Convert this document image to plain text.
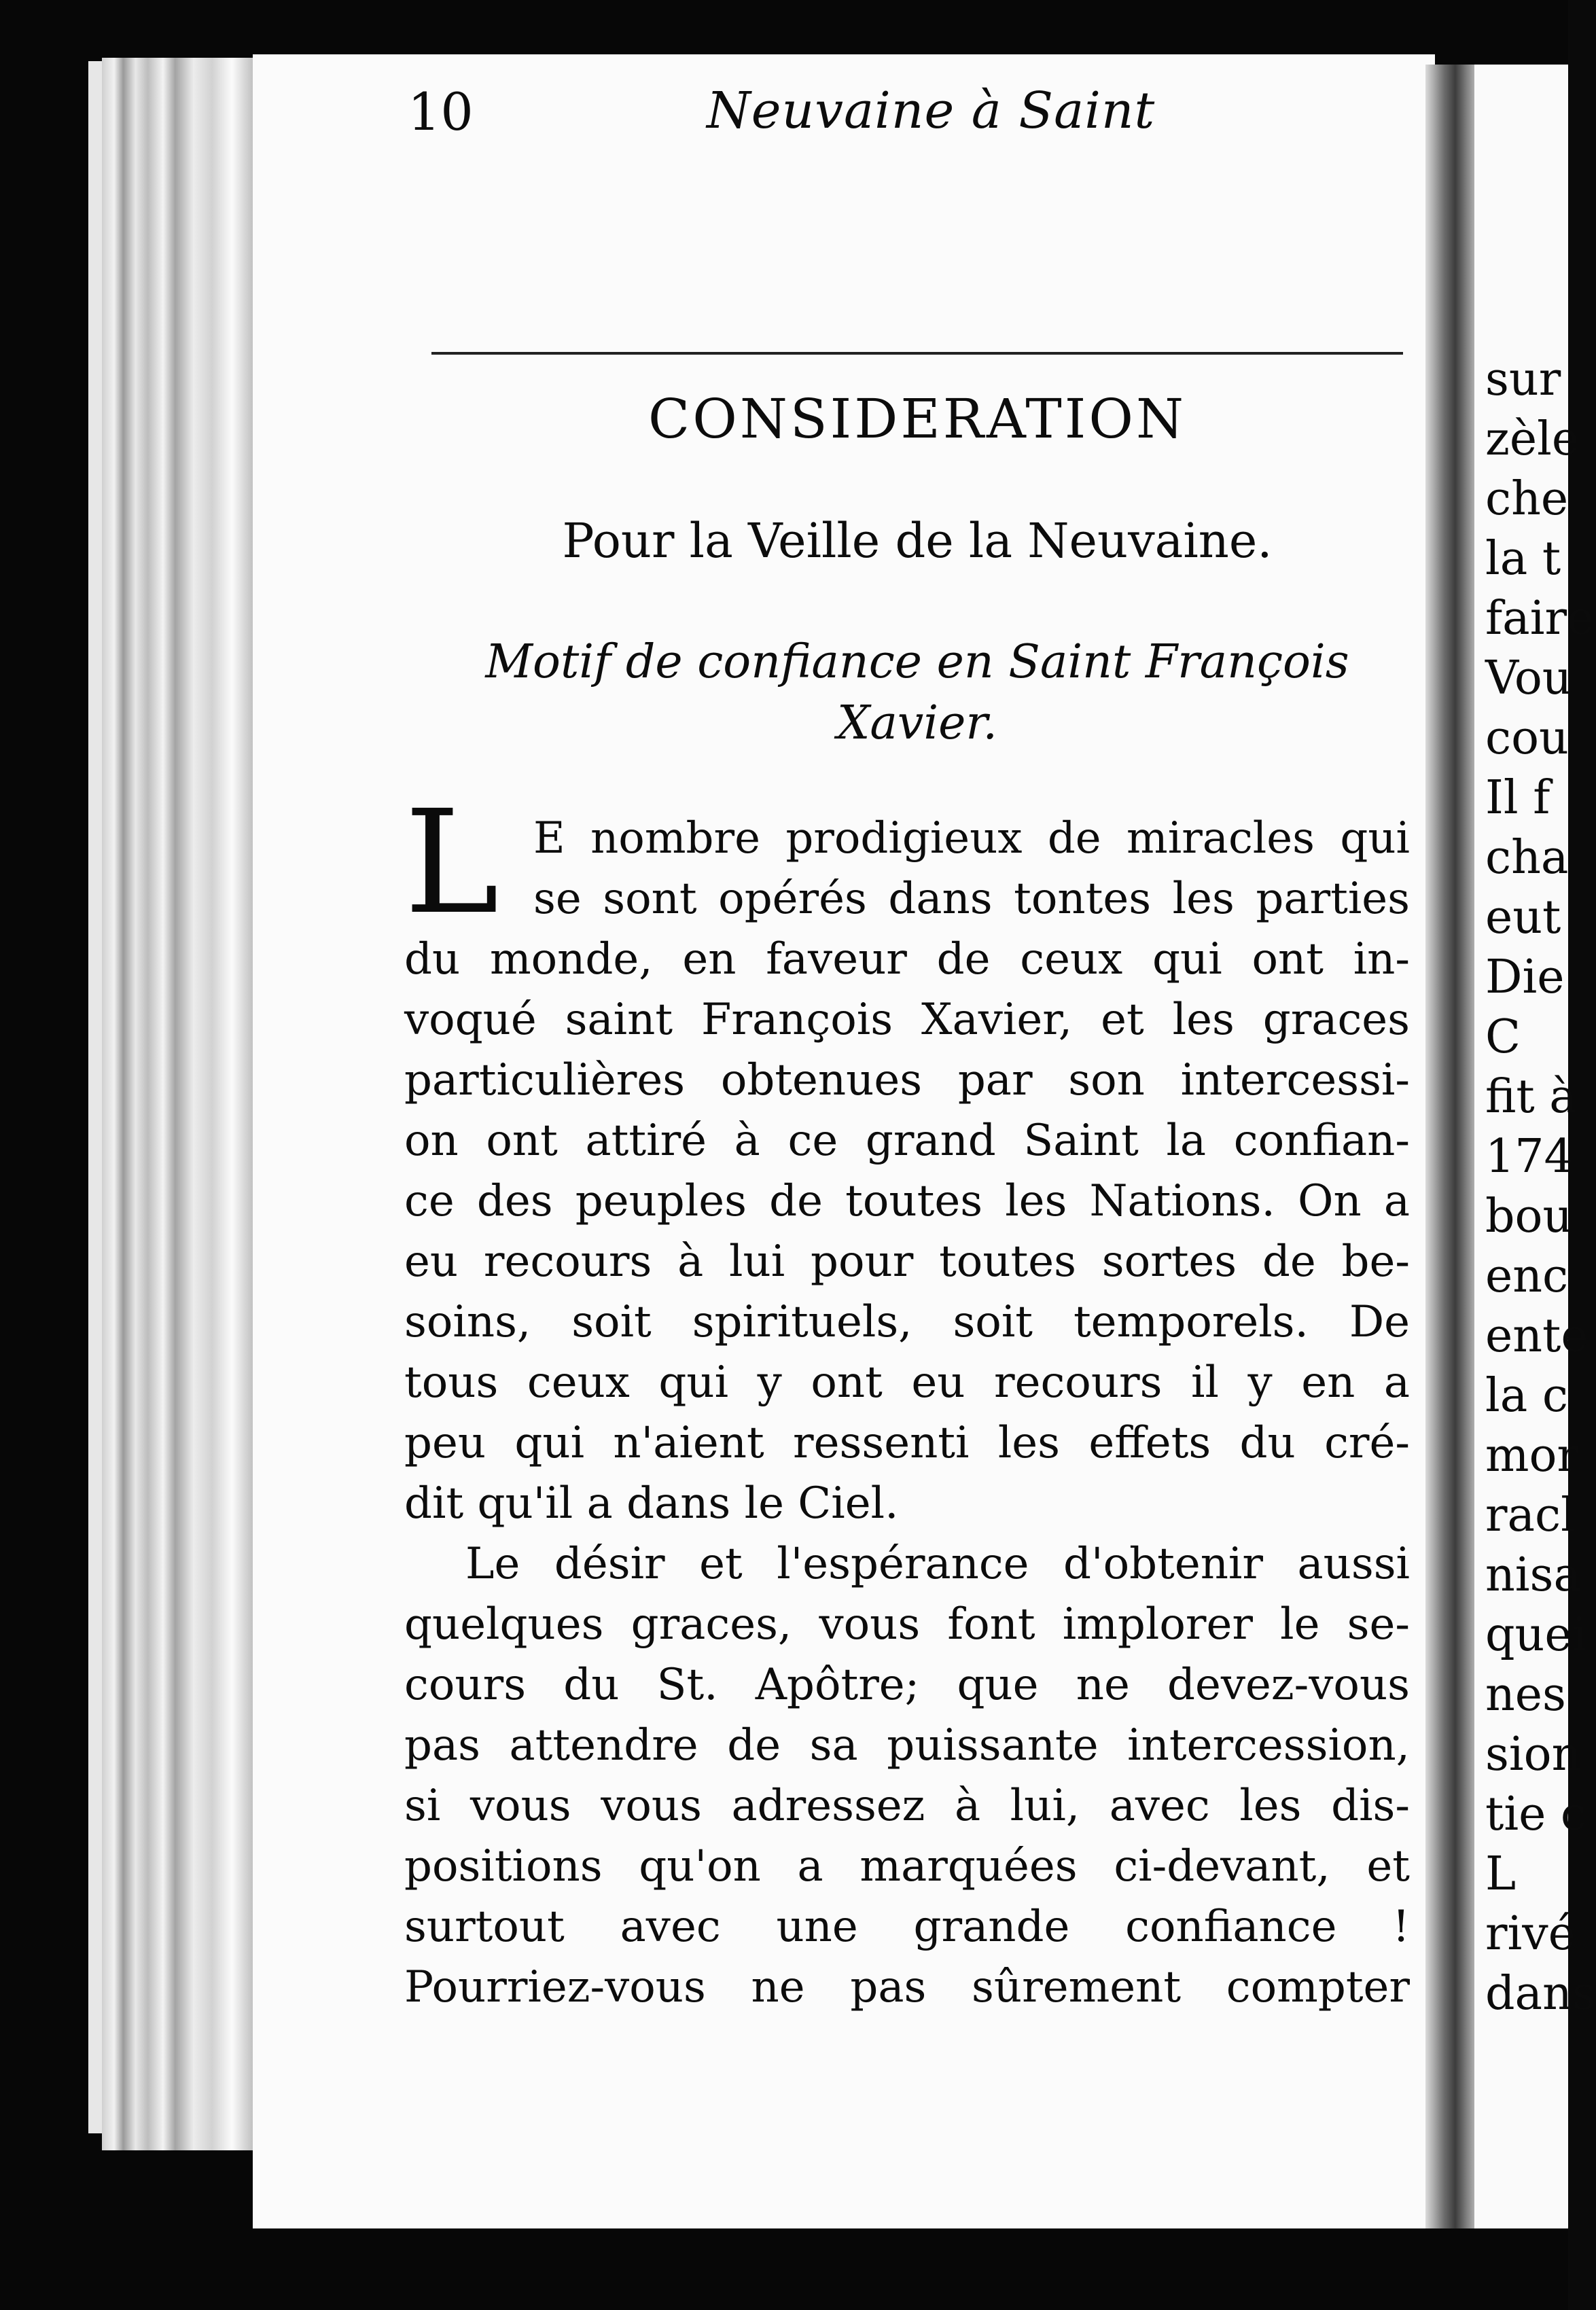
sur
zèle
che
la t
faire
Vou
cou
Il f
cha
eut
Die
C
fit à
174
bou
enc
ente
la c
mor
racl
nisa
quei
nes
sion
tie c
L
rivé
dans
10	Neuvaine à Saint
CONSIDERATION
Pour la Veille de la Neuvaine.
Motif de confiance en Saint François
Xavier.
L E nombre prodigieux de miracles qui
se sont opérés dans tontes les parties
du monde, en faveur de ceux qui ont in-
voqué saint François Xavier, et les graces
particulières obtenues par son intercessi-
on ont attiré à ce grand Saint la confian-
ce des peuples de toutes les Nations. On a
eu recours à lui pour toutes sortes de be-
soins, soit spirituels, soit temporels. De
tous ceux qui y ont eu recours il y en a
peu qui n'aient ressenti les effets du cré-
dit qu'il a dans le Ciel.
Le désir et l'espérance d'obtenir aussi
quelques graces, vous font implorer le se-
cours du St. Apôtre; que ne devez-vous
pas attendre de sa puissante intercession,
si vous vous adressez à lui, avec les dis-
positions qu'on a marquées ci-devant, et
surtout avec une grande confiance !
Pourriez-vous ne pas sûrement compter
